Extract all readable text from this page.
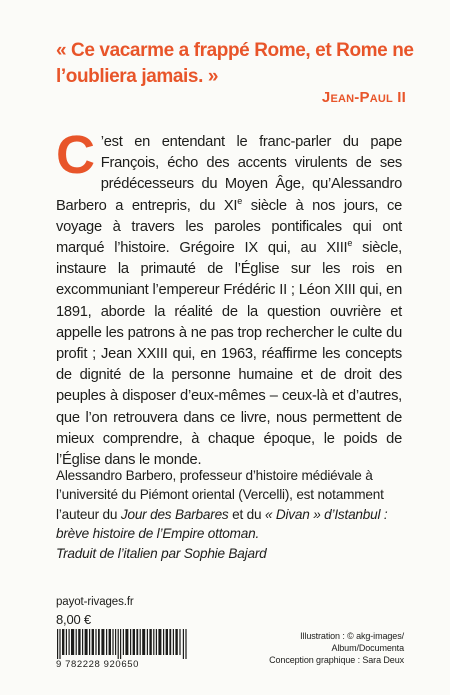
« Ce vacarme a frappé Rome, et Rome ne l’oubliera jamais. »
Jean-Paul II
C ’est en entendant le franc-parler du pape François, écho des accents virulents de ses prédécesseurs du Moyen Âge, qu’Alessandro Barbero a entrepris, du XIe siècle à nos jours, ce voyage à travers les paroles pontificales qui ont marqué l’histoire. Grégoire IX qui, au XIIIe siècle, instaure la primauté de l’Église sur les rois en excommuniant l’empereur Frédéric II ; Léon XIII qui, en 1891, aborde la réalité de la question ouvrière et appelle les patrons à ne pas trop rechercher le culte du profit ; Jean XXIII qui, en 1963, réaffirme les concepts de dignité de la personne humaine et de droit des peuples à disposer d’eux-mêmes – ceux-là et d’autres, que l’on retrouvera dans ce livre, nous permettent de mieux comprendre, à chaque époque, le poids de l’Église dans le monde.
Alessandro Barbero, professeur d’histoire médiévale à l’université du Piémont oriental (Vercelli), est notamment l’auteur du Jour des Barbares et du « Divan » d’Istanbul : brève histoire de l’Empire ottoman.
Traduit de l’italien par Sophie Bajard
payot-rivages.fr
8,00 €
9 782228 920650
Illustration : © akg-images/
Album/Documenta
Conception graphique : Sara Deux
